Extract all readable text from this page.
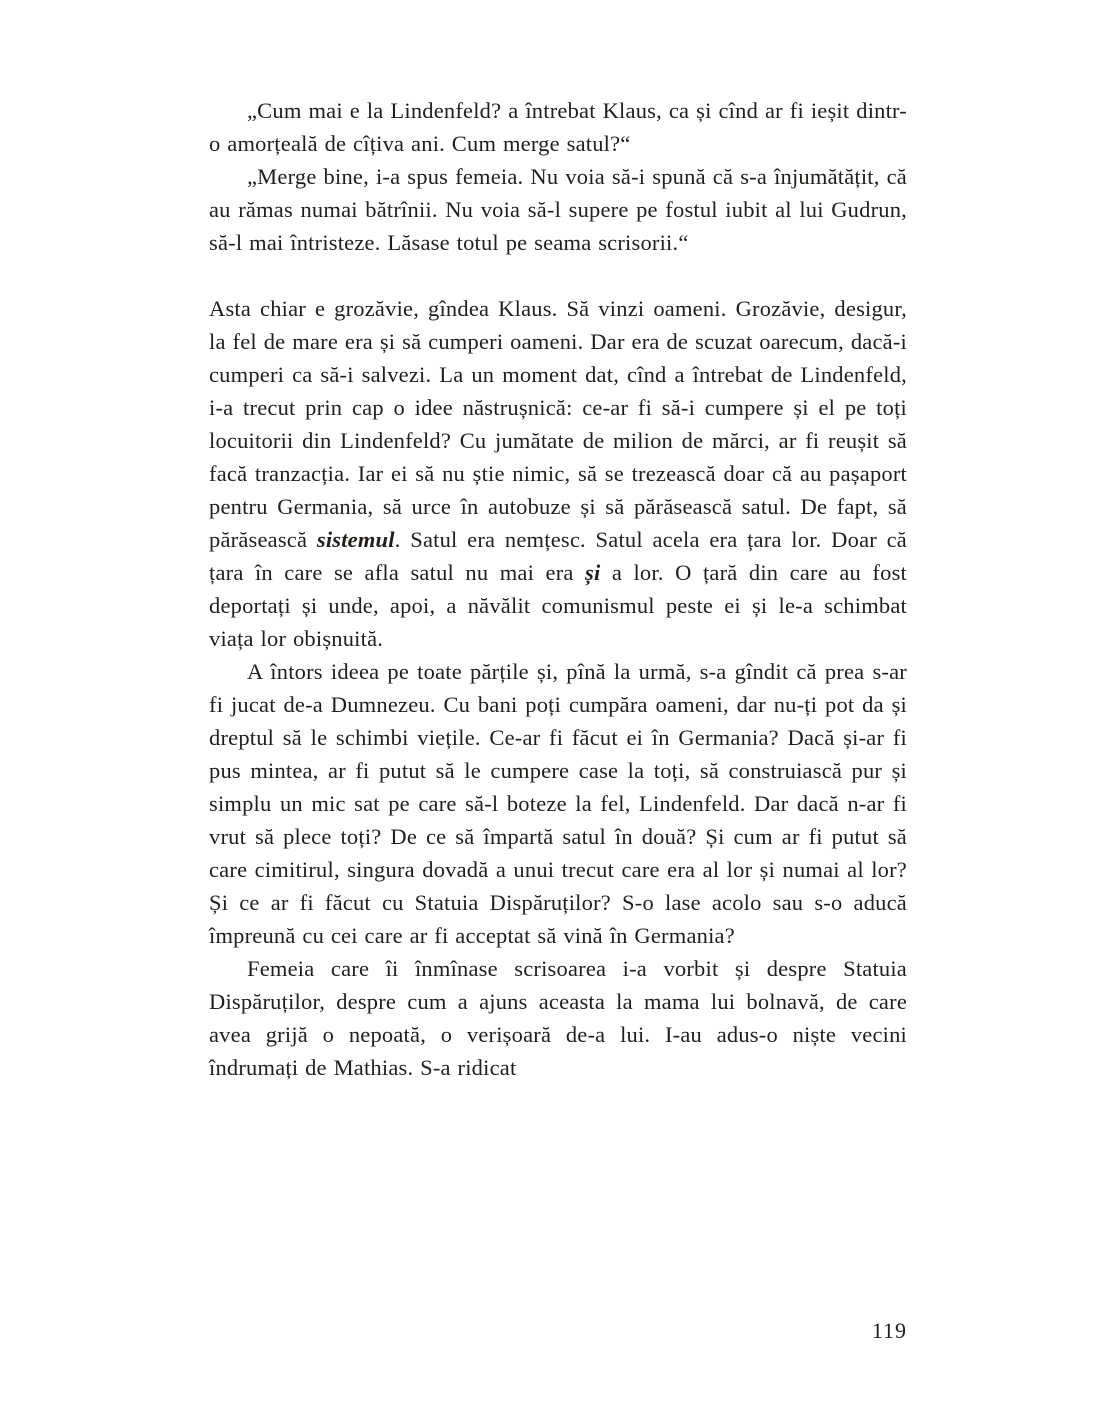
„Cum mai e la Lindenfeld? a întrebat Klaus, ca și cînd ar fi ieșit dintr-o amorțeală de cîțiva ani. Cum merge satul?“

„Merge bine, i-a spus femeia. Nu voia să-i spună că s-a înjumătățit, că au rămas numai bătrînii. Nu voia să-l supere pe fostul iubit al lui Gudrun, să-l mai întristeze. Lăsase totul pe seama scrisorii.“

Asta chiar e grozăvie, gîndea Klaus. Să vinzi oameni. Grozăvie, desigur, la fel de mare era și să cumperi oameni. Dar era de scuzat oarecum, dacă-i cumperi ca să-i salvezi. La un moment dat, cînd a întrebat de Lindenfeld, i-a trecut prin cap o idee năstrușnică: ce-ar fi să-i cumpere și el pe toți locuitorii din Lindenfeld? Cu jumătate de milion de mărci, ar fi reușit să facă tranzacția. Iar ei să nu știe nimic, să se trezească doar că au pașaport pentru Germania, să urce în autobuze și să părăsească satul. De fapt, să părăsească sistemul. Satul era nemțesc. Satul acela era țara lor. Doar că țara în care se afla satul nu mai era și a lor. O țară din care au fost deportați și unde, apoi, a năvălit comunismul peste ei și le-a schimbat viața lor obișnuită.

A întors ideea pe toate părțile și, pînă la urmă, s-a gîndit că prea s-ar fi jucat de-a Dumnezeu. Cu bani poți cumpăra oameni, dar nu-ți pot da și dreptul să le schimbi viețile. Ce-ar fi făcut ei în Germania? Dacă și-ar fi pus mintea, ar fi putut să le cumpere case la toți, să construiască pur și simplu un mic sat pe care să-l boteze la fel, Lindenfeld. Dar dacă n-ar fi vrut să plece toți? De ce să împartă satul în două? Și cum ar fi putut să care cimitirul, singura dovadă a unui trecut care era al lor și numai al lor? Și ce ar fi făcut cu Statuia Dispăruților? S-o lase acolo sau s-o aducă împreună cu cei care ar fi acceptat să vină în Germania?

Femeia care îi înmînase scrisoarea i-a vorbit și despre Statuia Dispăruților, despre cum a ajuns aceasta la mama lui bolnavă, de care avea grijă o nepoată, o verișoară de-a lui. I-au adus-o niște vecini îndrumați de Mathias. S-a ridicat

119
